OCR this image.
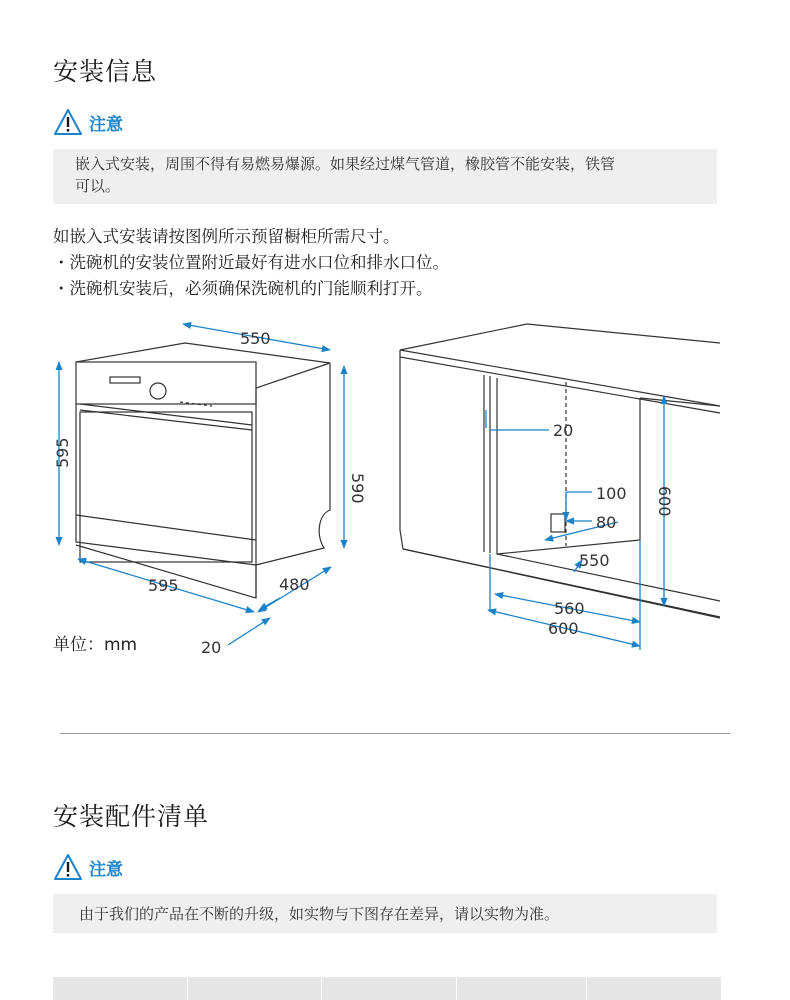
安装信息
注意
嵌入式安装，周围不得有易燃易爆源。如果经过煤气管道，橡胶管不能安装，铁管
可以。
如嵌入式安装请按图例所示预留橱柜所需尺寸。
・洗碗机的安装位置附近最好有进水口位和排水口位。
・洗碗机安装后，必须确保洗碗机的门能顺利打开。
550
595
590
595	480
20
20
100
80
550
600
560
600
单位：mm
安装配件清单
注意
由于我们的产品在不断的升级，如实物与下图存在差异，请以实物为准。
